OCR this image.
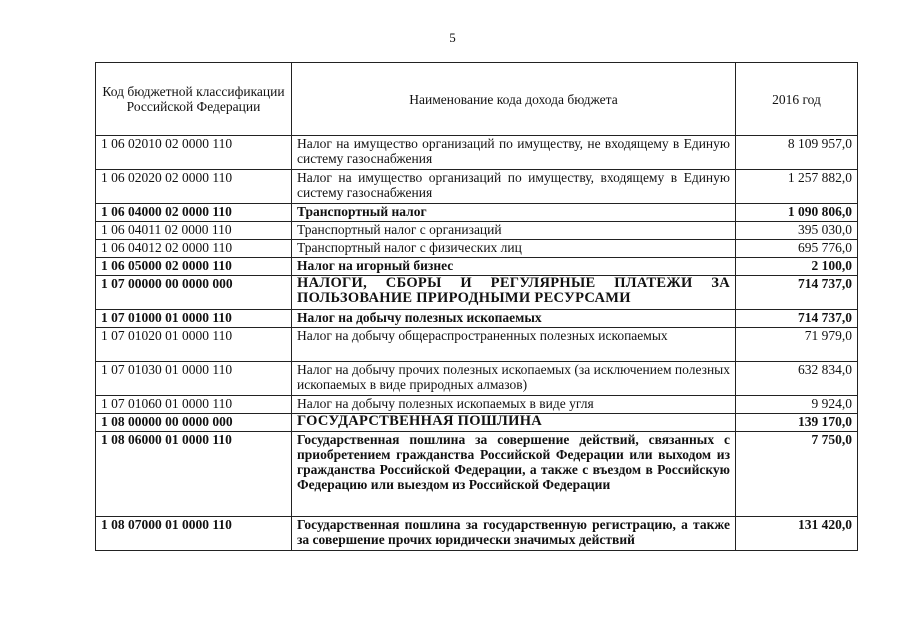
5
Код бюджетной классификации Российской Федерации	Наименование кода дохода бюджета	2016 год
1 06 02010 02 0000 110	Налог на имущество организаций по имуществу, не входящему в Единую систему газоснабжения	8 109 957,0
1 06 02020 02 0000 110	Налог на имущество организаций по имуществу, входящему в Единую систему газоснабжения	1 257 882,0
1 06 04000 02 0000 110	Транспортный налог	1 090 806,0
1 06 04011 02 0000 110	Транспортный налог с организаций	395 030,0
1 06 04012 02 0000 110	Транспортный налог с физических лиц	695 776,0
1 06 05000 02 0000 110	Налог на игорный бизнес	2 100,0
1 07 00000 00 0000 000	НАЛОГИ, СБОРЫ И РЕГУЛЯРНЫЕ ПЛАТЕЖИ ЗА ПОЛЬЗОВАНИЕ ПРИРОДНЫМИ РЕСУРСАМИ	714 737,0
1 07 01000 01 0000 110	Налог на добычу полезных ископаемых	714 737,0
1 07 01020 01 0000 110	Налог на добычу общераспространенных полезных ископаемых	71 979,0
1 07 01030 01 0000 110	Налог на добычу прочих полезных ископаемых (за исключением полезных ископаемых в виде природных алмазов)	632 834,0
1 07 01060 01 0000 110	Налог на добычу полезных ископаемых в виде угля	9 924,0
1 08 00000 00 0000 000	ГОСУДАРСТВЕННАЯ ПОШЛИНА	139 170,0
1 08 06000 01 0000 110	Государственная пошлина за совершение действий, связанных с приобретением гражданства Российской Федерации или выходом из гражданства Российской Федерации, а также с въездом в Российскую Федерацию или выездом из Российской Федерации	7 750,0
1 08 07000 01 0000 110	Государственная пошлина за государственную регистрацию, а также за совершение прочих юридически значимых действий	131 420,0
